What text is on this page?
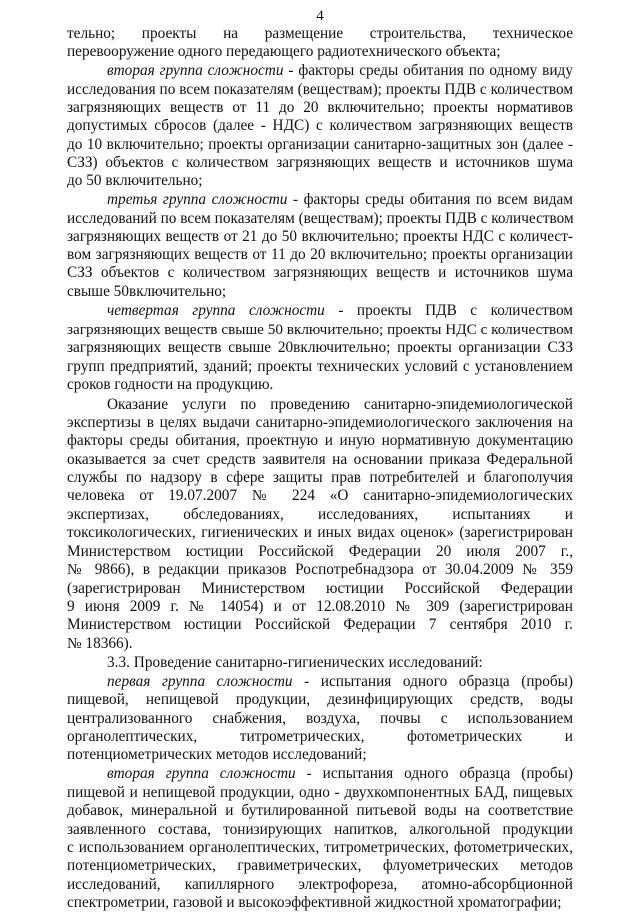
4
тельно; проекты на размещение строительства, техническое
перевооружение одного передающего радиотехнического объекта;
вторая группа сложности - факторы среды обитания по одному виду
исследования по всем показателям (веществам); проекты ПДВ с количеством
загрязняющих веществ от 11 до 20 включительно; проекты нормативов
допустимых сбросов (далее - НДС) с количеством загрязняющих веществ
до 10 включительно; проекты организации санитарно-защитных зон (далее -
СЗЗ) объектов с количеством загрязняющих веществ и источников шума
до 50 включительно;
третья группа сложности - факторы среды обитания по всем видам
исследований по всем показателям (веществам); проекты ПДВ с количеством
загрязняющих веществ от 21 до 50 включительно; проекты НДС с количест-
вом загрязняющих веществ от 11 до 20 включительно; проекты организации
СЗЗ объектов с количеством загрязняющих веществ и источников шума
свыше 50включительно;
четвертая группа сложности - проекты ПДВ с количеством
загрязняющих веществ свыше 50 включительно; проекты НДС с количеством
загрязняющих веществ свыше 20включительно; проекты организации СЗЗ
групп предприятий, зданий; проекты технических условий с установлением
сроков годности на продукцию.
Оказание услуги по проведению санитарно-эпидемиологической
экспертизы в целях выдачи санитарно-эпидемиологического заключения на
факторы среды обитания, проектную и иную нормативную документацию
оказывается за счет средств заявителя на основании приказа Федеральной
службы по надзору в сфере защиты прав потребителей и благополучия
человека от 19.07.2007 № 224 «О санитарно-эпидемиологических
экспертизах, обследованиях, исследованиях, испытаниях и
токсикологических, гигиенических и иных видах оценок» (зарегистрирован
Министерством юстиции Российской Федерации 20 июля 2007 г.,
№ 9866), в редакции приказов Роспотребнадзора от 30.04.2009 № 359
(зарегистрирован Министерством юстиции Российской Федерации
9 июня 2009 г. № 14054) и от 12.08.2010 № 309 (зарегистрирован
Министерством юстиции Российской Федерации 7 сентября 2010 г.
№ 18366).
3.3. Проведение санитарно-гигиенических исследований:
первая группа сложности - испытания одного образца (пробы)
пищевой, непищевой продукции, дезинфицирующих средств, воды
централизованного снабжения, воздуха, почвы с использованием
органолептических, титрометрических, фотометрических и
потенциометрических методов исследований;
вторая группа сложности - испытания одного образца (пробы)
пищевой и непищевой продукции, одно - двухкомпонентных БАД, пищевых
добавок, минеральной и бутилированной питьевой воды на соответствие
заявленного состава, тонизирующих напитков, алкогольной продукции
с использованием органолептических, титрометрических, фотометрических,
потенциометрических, гравиметрических, флуометрических методов
исследований, капиллярного электрофореза, атомно-абсорбционной
спектрометрии, газовой и высокоэффективной жидкостной хроматографии;
